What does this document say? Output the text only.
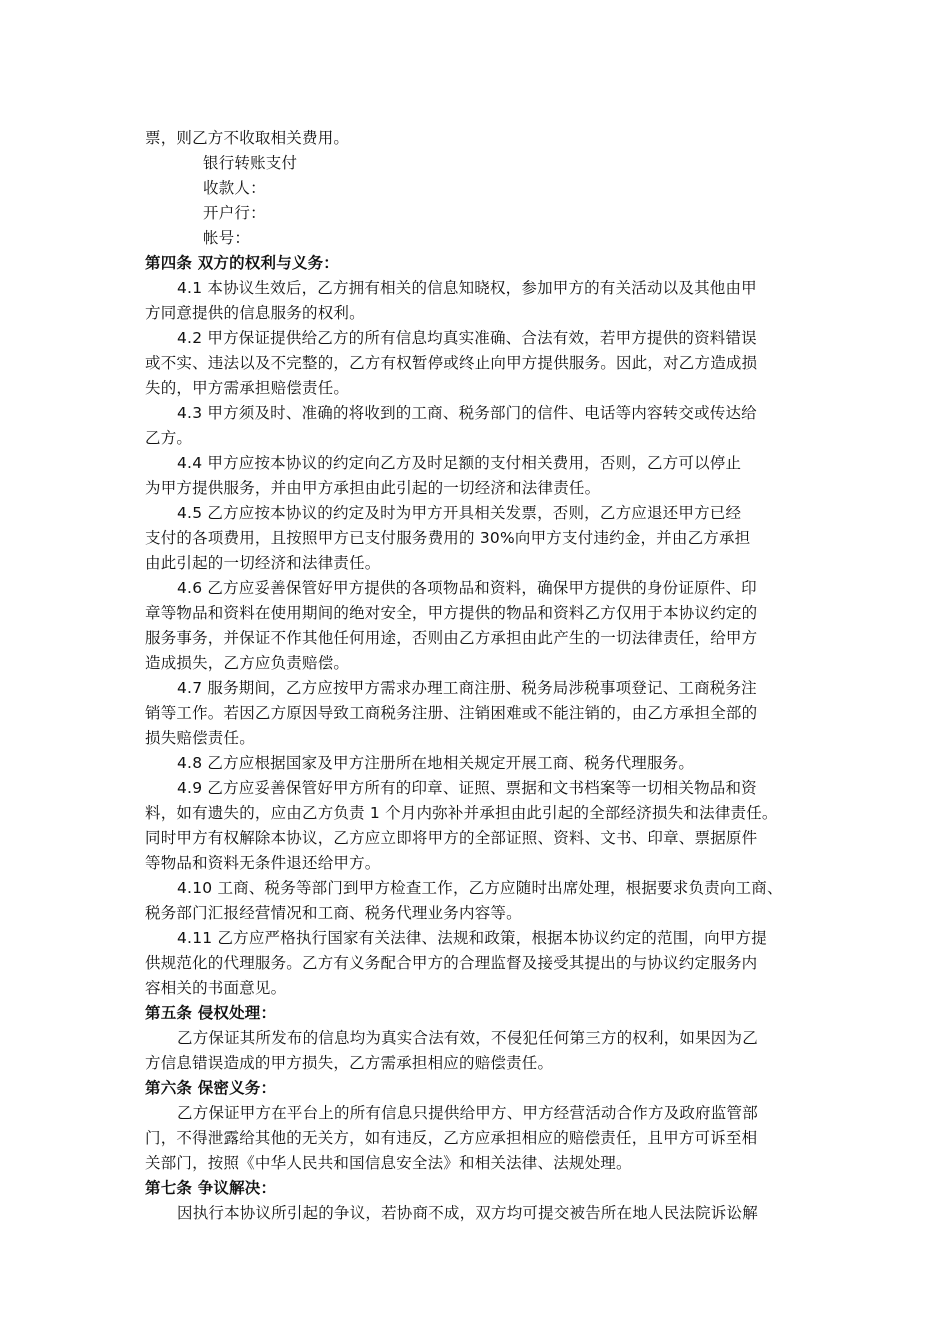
票，则乙方不收取相关费用。
银行转账支付
收款人：
开户行：
帐号：
第四条 双方的权利与义务：
4.1 本协议生效后，乙方拥有相关的信息知晓权，参加甲方的有关活动以及其他由甲
方同意提供的信息服务的权利。
4.2 甲方保证提供给乙方的所有信息均真实准确、合法有效，若甲方提供的资料错误
或不实、违法以及不完整的，乙方有权暂停或终止向甲方提供服务。因此，对乙方造成损
失的，甲方需承担赔偿责任。
4.3 甲方须及时、准确的将收到的工商、税务部门的信件、电话等内容转交或传达给
乙方。
4.4 甲方应按本协议的约定向乙方及时足额的支付相关费用，否则，乙方可以停止
为甲方提供服务，并由甲方承担由此引起的一切经济和法律责任。
4.5 乙方应按本协议的约定及时为甲方开具相关发票，否则，乙方应退还甲方已经
支付的各项费用，且按照甲方已支付服务费用的 30%向甲方支付违约金，并由乙方承担
由此引起的一切经济和法律责任。
4.6 乙方应妥善保管好甲方提供的各项物品和资料，确保甲方提供的身份证原件、印
章等物品和资料在使用期间的绝对安全，甲方提供的物品和资料乙方仅用于本协议约定的
服务事务，并保证不作其他任何用途，否则由乙方承担由此产生的一切法律责任，给甲方
造成损失，乙方应负责赔偿。
4.7 服务期间，乙方应按甲方需求办理工商注册、税务局涉税事项登记、工商税务注
销等工作。若因乙方原因导致工商税务注册、注销困难或不能注销的，由乙方承担全部的
损失赔偿责任。
4.8 乙方应根据国家及甲方注册所在地相关规定开展工商、税务代理服务。
4.9 乙方应妥善保管好甲方所有的印章、证照、票据和文书档案等一切相关物品和资
料，如有遗失的，应由乙方负责 1 个月内弥补并承担由此引起的全部经济损失和法律责任。
同时甲方有权解除本协议，乙方应立即将甲方的全部证照、资料、文书、印章、票据原件
等物品和资料无条件退还给甲方。
4.10 工商、税务等部门到甲方检查工作，乙方应随时出席处理，根据要求负责向工商、
税务部门汇报经营情况和工商、税务代理业务内容等。
4.11 乙方应严格执行国家有关法律、法规和政策，根据本协议约定的范围，向甲方提
供规范化的代理服务。乙方有义务配合甲方的合理监督及接受其提出的与协议约定服务内
容相关的书面意见。
第五条 侵权处理：
乙方保证其所发布的信息均为真实合法有效，不侵犯任何第三方的权利，如果因为乙
方信息错误造成的甲方损失，乙方需承担相应的赔偿责任。
第六条 保密义务：
乙方保证甲方在平台上的所有信息只提供给甲方、甲方经营活动合作方及政府监管部
门，不得泄露给其他的无关方，如有违反，乙方应承担相应的赔偿责任，且甲方可诉至相
关部门，按照《中华人民共和国信息安全法》和相关法律、法规处理。
第七条 争议解决：
因执行本协议所引起的争议，若协商不成，双方均可提交被告所在地人民法院诉讼解
